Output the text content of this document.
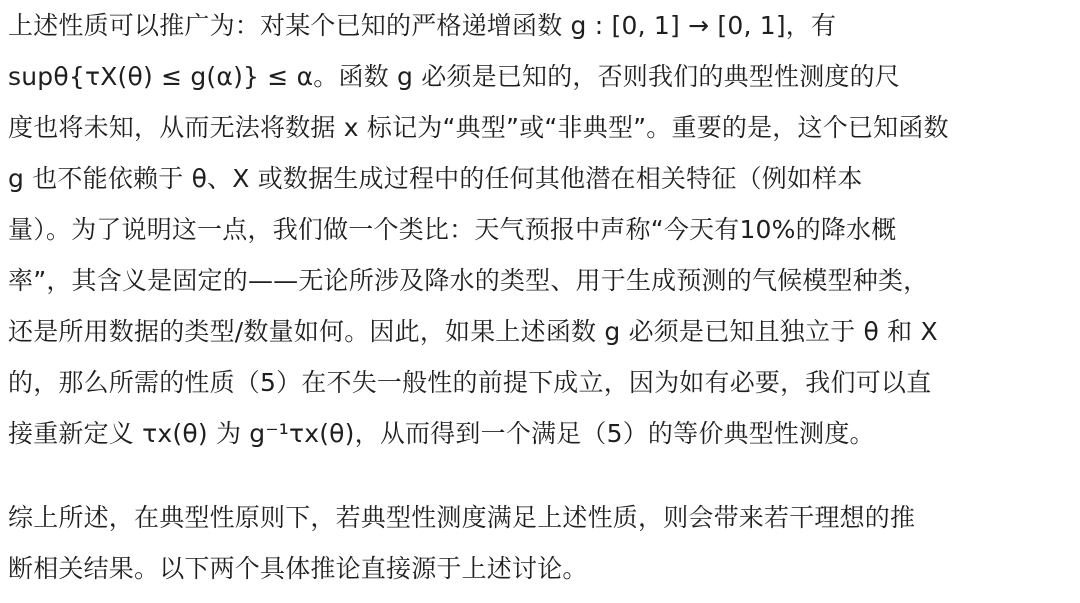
上述性质可以推广为：对某个已知的严格递增函数 g : [0, 1] → [0, 1]，有
supθ{τX(θ) ≤ g(α)} ≤ α。函数 g 必须是已知的，否则我们的典型性测度的尺
度也将未知，从而无法将数据 x 标记为“典型”或“非典型”。重要的是，这个已知函数
g 也不能依赖于 θ、X 或数据生成过程中的任何其他潜在相关特征（例如样本
量）。为了说明这一点，我们做一个类比：天气预报中声称“今天有10%的降水概
率”，其含义是固定的——无论所涉及降水的类型、用于生成预测的气候模型种类，
还是所用数据的类型/数量如何。因此，如果上述函数 g 必须是已知且独立于 θ 和 X
的，那么所需的性质（5）在不失一般性的前提下成立，因为如有必要，我们可以直
接重新定义 τx(θ) 为 g⁻¹τx(θ)，从而得到一个满足（5）的等价典型性测度。
综上所述，在典型性原则下，若典型性测度满足上述性质，则会带来若干理想的推
断相关结果。以下两个具体推论直接源于上述讨论。
